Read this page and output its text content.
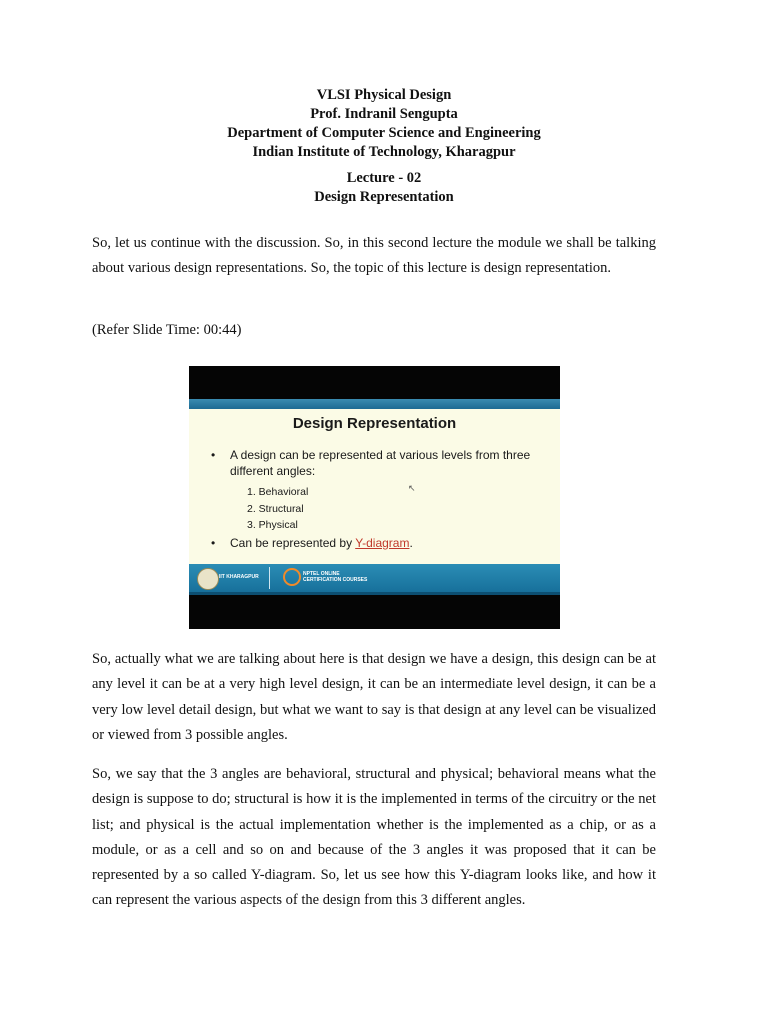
VLSI Physical Design
Prof. Indranil Sengupta
Department of Computer Science and Engineering
Indian Institute of Technology, Kharagpur
Lecture - 02
Design Representation

So, let us continue with the discussion. So, in this second lecture the module we shall be talking about various design representations. So, the topic of this lecture is design representation.

(Refer Slide Time: 00:44)
Design Representation
• A design can be represented at various levels from three different angles:
1. Behavioral
2. Structural
3. Physical
↖
• Can be represented by Y-diagram.
IIT KHARAGPUR	NPTEL ONLINE CERTIFICATION COURSES

So, actually what we are talking about here is that design we have a design, this design can be at any level it can be at a very high level design, it can be an intermediate level design, it can be a very low level detail design, but what we want to say is that design at any level can be visualized or viewed from 3 possible angles.

So, we say that the 3 angles are behavioral, structural and physical; behavioral means what the design is suppose to do; structural is how it is the implemented in terms of the circuitry or the net list; and physical is the actual implementation whether is the implemented as a chip, or as a module, or as a cell and so on and because of the 3 angles it was proposed that it can be represented by a so called Y-diagram. So, let us see how this Y-diagram looks like, and how it can represent the various aspects of the design from this 3 different angles.
